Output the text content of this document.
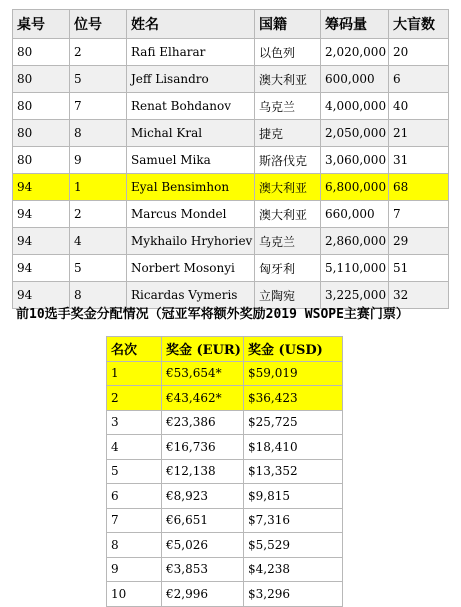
桌号	位号	姓名	国籍	筹码量	大盲数
80	2	Rafi Elharar	以色列	2,020,000	20
80	5	Jeff Lisandro	澳大利亚	600,000	6
80	7	Renat Bohdanov	乌克兰	4,000,000	40
80	8	Michal Kral	捷克	2,050,000	21
80	9	Samuel Mika	斯洛伐克	3,060,000	31
94	1	Eyal Bensimhon	澳大利亚	6,800,000	68
94	2	Marcus Mondel	澳大利亚	660,000	7
94	4	Mykhailo Hryhoriev	乌克兰	2,860,000	29
94	5	Norbert Mosonyi	匈牙利	5,110,000	51
94	8	Ricardas Vymeris	立陶宛	3,225,000	32
前10选手奖金分配情况（冠亚军将额外奖励2019 WSOPE主赛门票）
名次	奖金 (EUR)	奖金 (USD)
1	€53,654*	$59,019
2	€43,462*	$36,423
3	€23,386	$25,725
4	€16,736	$18,410
5	€12,138	$13,352
6	€8,923	$9,815
7	€6,651	$7,316
8	€5,026	$5,529
9	€3,853	$4,238
10	€2,996	$3,296
